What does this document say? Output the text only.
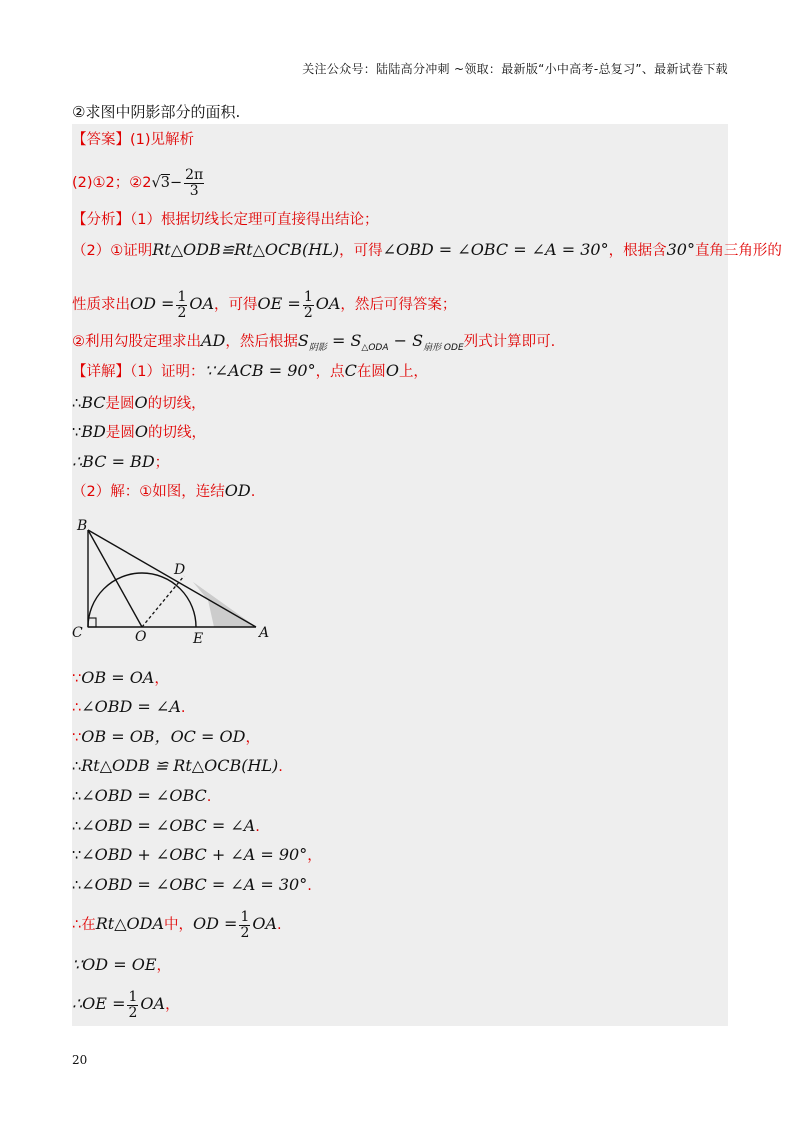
关注公众号：陆陆高分冲刺 ~领取：最新版“小中高考-总复习”、最新试卷下载
②求图中阴影部分的面积.
【答案】(1)见解析
(2)①2；②2√3− $\frac{2\pi}{3}$
【分析】（1）根据切线长定理可直接得出结论；
（2）①证明Rt△ODB≌Rt△OCB(HL)，可得∠OBD = ∠OBC = ∠A = 30°，根据含30°直角三角形的
性质求出OD = $\frac{1}{2}$ OA，可得OE = $\frac{1}{2}$ OA，然后可得答案；
②利用勾股定理求出AD，然后根据$S_{阴影} = S_{\triangle ODA} - S_{扇形 ODE}$列式计算即可.
【详解】（1）证明：∵∠ACB = 90°，点C在圆O上，
∴BC是圆O的切线，
∵BD是圆O的切线，
∴BC = BD；
（2）解：①如图，连结OD.
B
D
C	O	E	A
∵OB = OA，
∴∠OBD = ∠A.
∵OB = OB，OC = OD，
∴Rt△ODB ≌ Rt△OCB(HL).
∴∠OBD = ∠OBC.
∴∠OBD = ∠OBC = ∠A.
∵∠OBD + ∠OBC + ∠A = 90°，
∴∠OBD = ∠OBC = ∠A = 30°.
∴在Rt△ODA中，OD = $\frac{1}{2}$ OA.
∵OD = OE，
∴OE = $\frac{1}{2}$ OA，
20
